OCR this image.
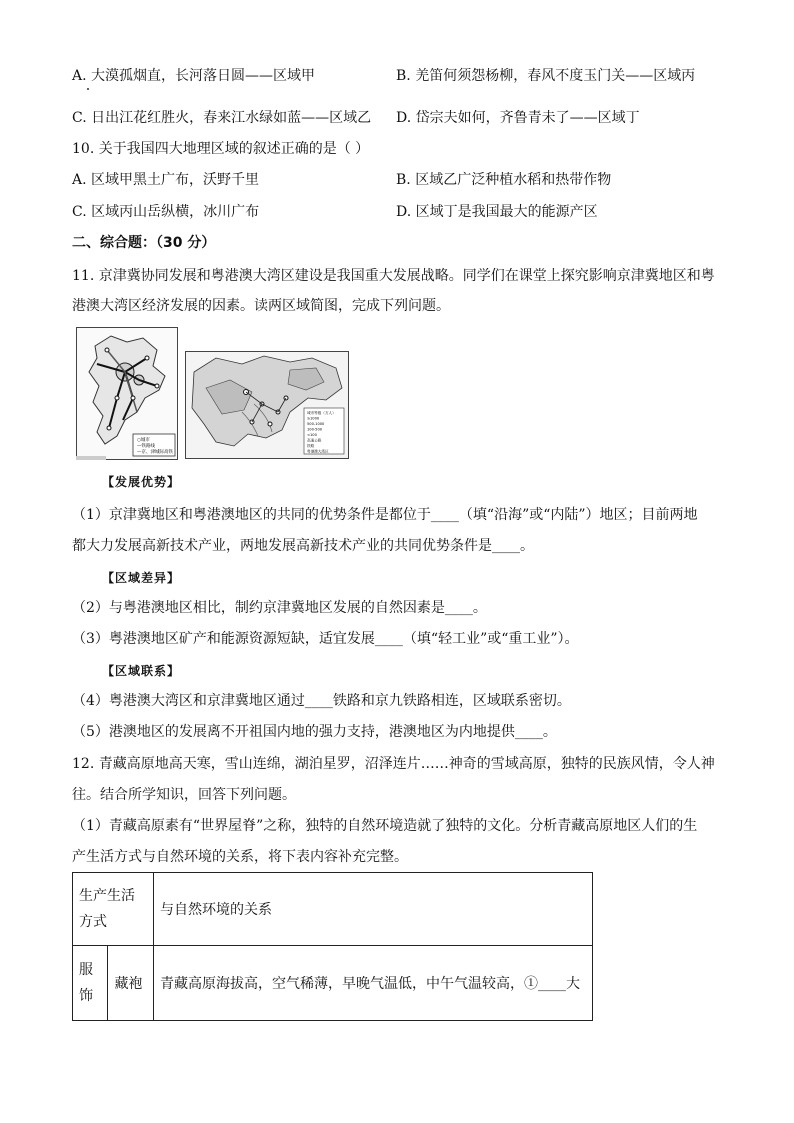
A. 大漠孤烟直，长河落日圆——区域甲	B. 羌笛何须怨杨柳，春风不度玉门关——区域丙
C. 日出江花红胜火，春来江水绿如蓝——区域乙 D. 岱宗夫如何，齐鲁青未了——区域丁
10. 关于我国四大地理区域的叙述正确的是（ ）
A. 区域甲黑土广布，沃野千里	B. 区域乙广泛种植水稻和热带作物
C. 区域丙山岳纵横，冰川广布	D. 区域丁是我国最大的能源产区
二、综合题：（30 分）
11. 京津冀协同发展和粤港澳大湾区建设是我国重大发展战略。同学们在课堂上探究影响京津冀地区和粤
港澳大湾区经济发展的因素。读两区域简图，完成下列问题。
○城市
—铁路线
—京、津城际高铁
城市等级（万人）
≥1000
500-1000
100-500
<100
高速公路
铁路
粤港澳大湾区
【发展优势】
（1）京津冀地区和粤港澳地区的共同的优势条件是都位于____（填“沿海”或“内陆”）地区；目前两地
都大力发展高新技术产业，两地发展高新技术产业的共同优势条件是____。
【区域差异】
（2）与粤港澳地区相比，制约京津冀地区发展的自然因素是____。
（3）粤港澳地区矿产和能源资源短缺，适宜发展____（填“轻工业”或“重工业”）。
【区域联系】
（4）粤港澳大湾区和京津冀地区通过____铁路和京九铁路相连，区域联系密切。
（5）港澳地区的发展离不开祖国内地的强力支持，港澳地区为内地提供____。
12. 青藏高原地高天寒，雪山连绵，湖泊星罗，沼泽连片……神奇的雪域高原，独特的民族风情，令人神
往。结合所学知识，回答下列问题。
（1）青藏高原素有“世界屋脊”之称，独特的自然环境造就了独特的文化。分析青藏高原地区人们的生
产生活方式与自然环境的关系，将下表内容补充完整。
生产生活
方式		与自然环境的关系
服
饰	藏袍	青藏高原海拔高，空气稀薄，早晚气温低，中午气温较高，①____大
